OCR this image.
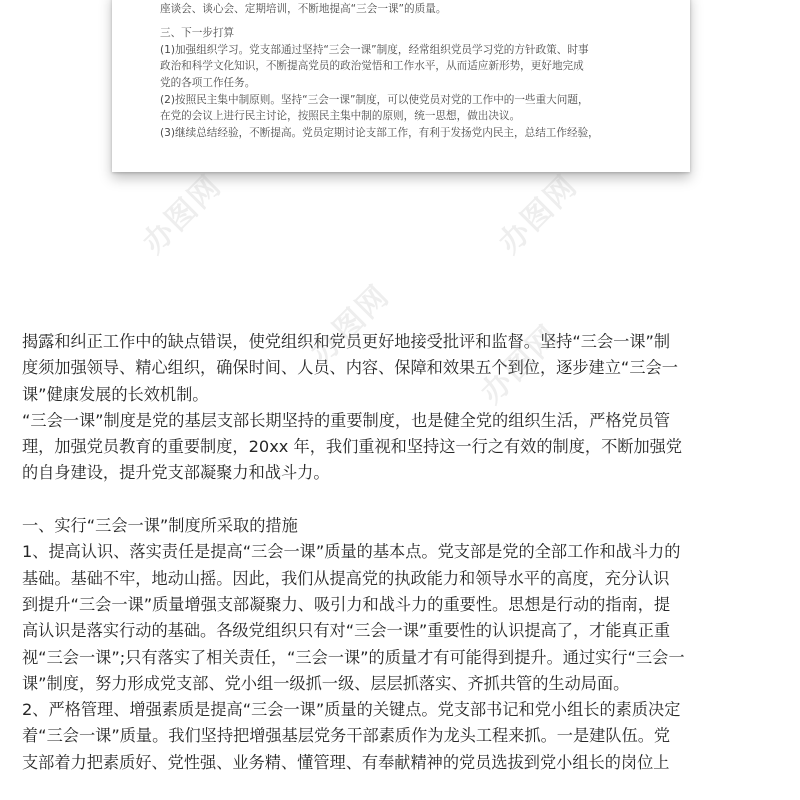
座谈会、谈心会、定期培训，不断地提高“三会一课”的质量。

三、下一步打算

(1)加强组织学习。党支部通过坚持“三会一课”制度，经常组织党员学习党的方针政策、时事

政治和科学文化知识，不断提高党员的政治觉悟和工作水平，从而适应新形势，更好地完成

党的各项工作任务。

(2)按照民主集中制原则。坚持“三会一课”制度，可以使党员对党的工作中的一些重大问题，

在党的会议上进行民主讨论，按照民主集中制的原则，统一思想，做出决议。

(3)继续总结经验，不断提高。党员定期讨论支部工作，有利于发扬党内民主，总结工作经验，

揭露和纠正工作中的缺点错误，使党组织和党员更好地接受批评和监督。坚持“三会一课”制

度须加强领导、精心组织，确保时间、人员、内容、保障和效果五个到位，逐步建立“三会一

课”健康发展的长效机制。

“三会一课”制度是党的基层支部长期坚持的重要制度，也是健全党的组织生活，严格党员管

理，加强党员教育的重要制度，20xx 年，我们重视和坚持这一行之有效的制度，不断加强党

的自身建设，提升党支部凝聚力和战斗力。

一、实行“三会一课”制度所采取的措施

1、提高认识、落实责任是提高“三会一课”质量的基本点。党支部是党的全部工作和战斗力的

基础。基础不牢，地动山摇。因此，我们从提高党的执政能力和领导水平的高度，充分认识

到提升“三会一课”质量增强支部凝聚力、吸引力和战斗力的重要性。思想是行动的指南，提

高认识是落实行动的基础。各级党组织只有对“三会一课”重要性的认识提高了，才能真正重

视“三会一课”;只有落实了相关责任，“三会一课”的质量才有可能得到提升。通过实行“三会一

课”制度，努力形成党支部、党小组一级抓一级、层层抓落实、齐抓共管的生动局面。

2、严格管理、增强素质是提高“三会一课”质量的关键点。党支部书记和党小组长的素质决定

着“三会一课”质量。我们坚持把增强基层党务干部素质作为龙头工程来抓。一是建队伍。党

支部着力把素质好、党性强、业务精、懂管理、有奉献精神的党员选拔到党小组长的岗位上

办图网	办图网
办图网	办图网
